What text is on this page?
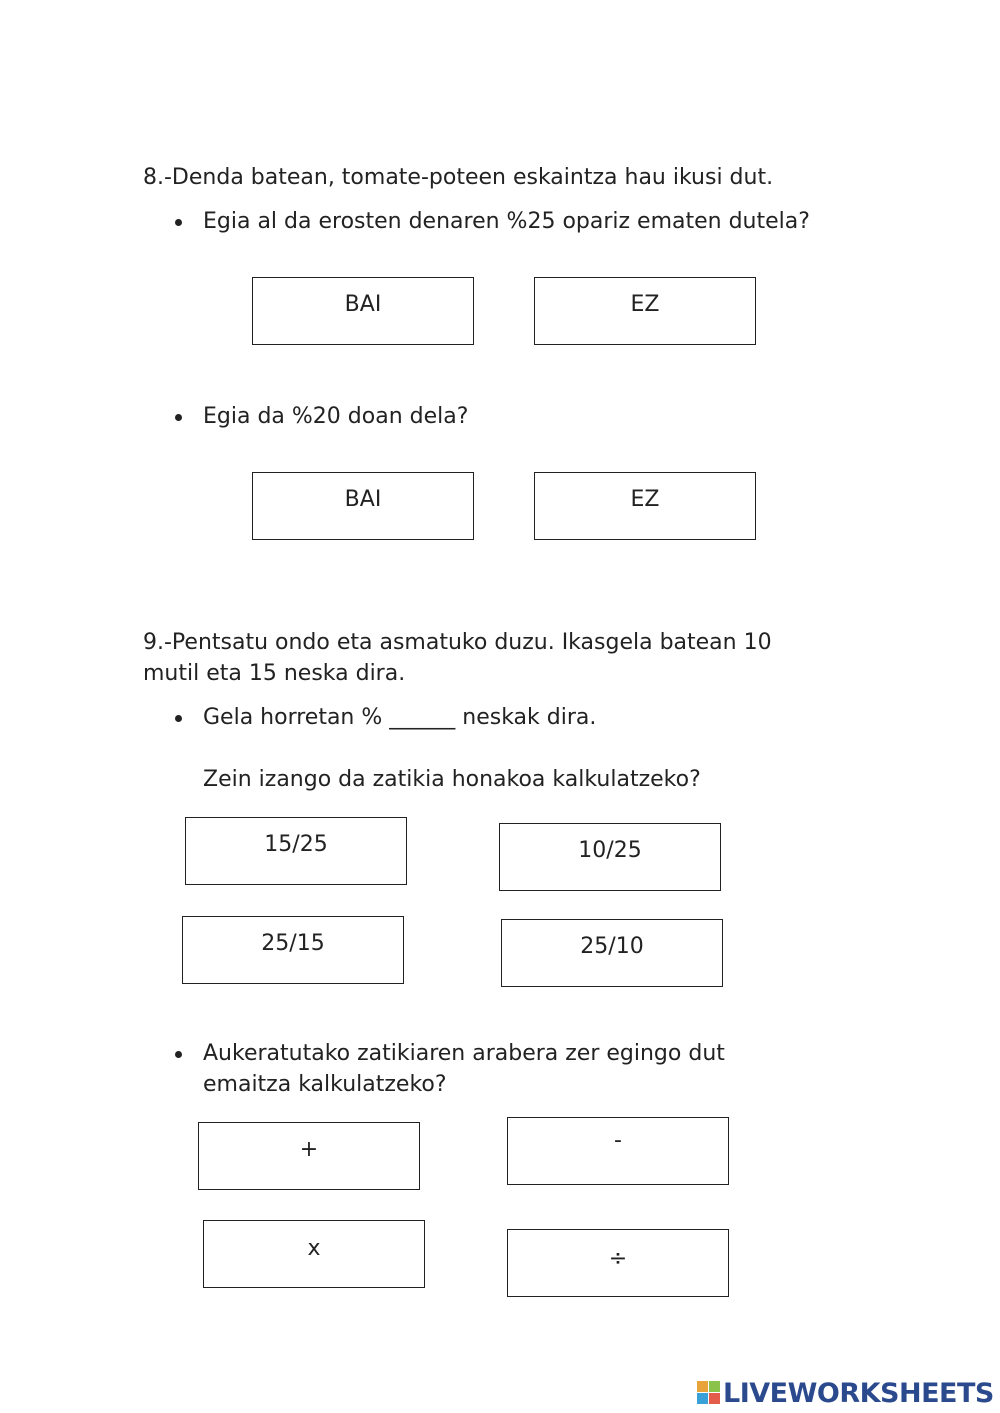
8.-Denda batean, tomate-poteen eskaintza hau ikusi dut.
Egia al da erosten denaren %25 opariz ematen dutela?
BAI	EZ
Egia da %20 doan dela?
BAI	EZ
9.-Pentsatu ondo eta asmatuko duzu. Ikasgela batean 10
mutil eta 15 neska dira.
Gela horretan % ______ neskak dira.
Zein izango da zatikia honakoa kalkulatzeko?
15/25	10/25
25/15	25/10
Aukeratutako zatikiaren arabera zer egingo dut
emaitza kalkulatzeko?
+	-
x	÷
LIVEWORKSHEETS
